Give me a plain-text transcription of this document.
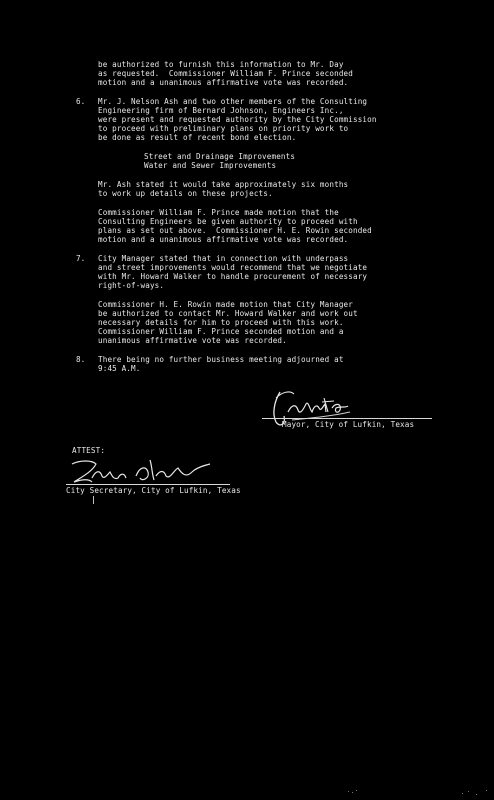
be authorized to furnish this information to Mr. Day
as requested.  Commissioner William F. Prince seconded
motion and a unanimous affirmative vote was recorded.
6. Mr. J. Nelson Ash and two other members of the Consulting
Engineering firm of Bernard Johnson, Engineers Inc.,
were present and requested authority by the City Commission
to proceed with preliminary plans on priority work to
be done as result of recent bond election.
Street and Drainage Improvements
Water and Sewer Improvements
Mr. Ash stated it would take approximately six months
to work up details on these projects.
Commissioner William F. Prince made motion that the
Consulting Engineers be given authority to proceed with
plans as set out above.  Commissioner H. E. Rowin seconded
motion and a unanimous affirmative vote was recorded.
7. City Manager stated that in connection with underpass
and street improvements would recommend that we negotiate
with Mr. Howard Walker to handle procurement of necessary
right-of-ways.
Commissioner H. E. Rowin made motion that City Manager
be authorized to contact Mr. Howard Walker and work out
necessary details for him to proceed with this work.
Commissioner William F. Prince seconded motion and a
unanimous affirmative vote was recorded.
8. There being no further business meeting adjourned at
9:45 A.M.
Mayor, City of Lufkin, Texas
ATTEST:
City Secretary, City of Lufkin, Texas
